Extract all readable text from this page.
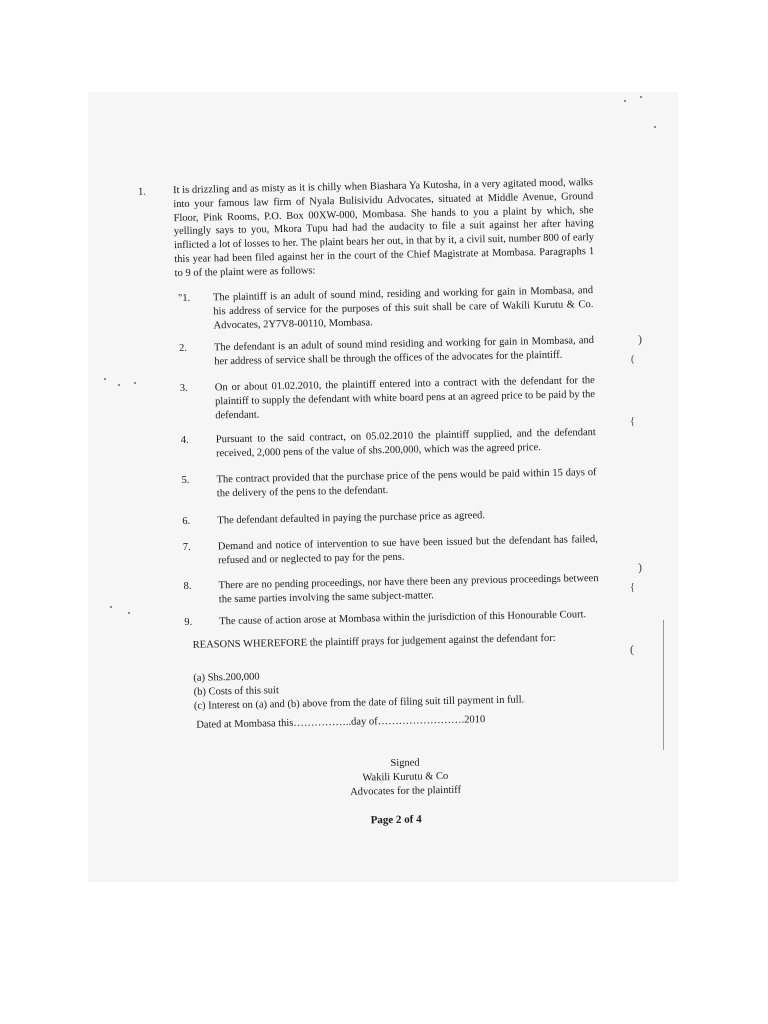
1.	It is drizzling and as misty as it is chilly when Biashara Ya Kutosha, in a very agitated mood, walks into your famous law firm of Nyala Bulisividu Advocates, situated at Middle Avenue, Ground Floor, Pink Rooms, P.O. Box 00XW-000, Mombasa. She hands to you a plaint by which, she yellingly says to you, Mkora Tupu had had the audacity to file a suit against her after having inflicted a lot of losses to her. The plaint bears her out, in that by it, a civil suit, number 800 of early this year had been filed against her in the court of the Chief Magistrate at Mombasa. Paragraphs 1 to 9 of the plaint were as follows:
"1.	The plaintiff is an adult of sound mind, residing and working for gain in Mombasa, and his address of service for the purposes of this suit shall be care of Wakili Kurutu & Co. Advocates, 2Y7V8-00110, Mombasa.
2.	The defendant is an adult of sound mind residing and working for gain in Mombasa, and her address of service shall be through the offices of the advocates for the plaintiff.
3.	On or about 01.02.2010, the plaintiff entered into a contract with the defendant for the plaintiff to supply the defendant with white board pens at an agreed price to be paid by the defendant.
4.	Pursuant to the said contract, on 05.02.2010 the plaintiff supplied, and the defendant received, 2,000 pens of the value of shs.200,000, which was the agreed price.
5.	The contract provided that the purchase price of the pens would be paid within 15 days of the delivery of the pens to the defendant.
6.	The defendant defaulted in paying the purchase price as agreed.
7.	Demand and notice of intervention to sue have been issued but the defendant has failed, refused and or neglected to pay for the pens.
8.	There are no pending proceedings, nor have there been any previous proceedings between the same parties involving the same subject-matter.
9.	The cause of action arose at Mombasa within the jurisdiction of this Honourable Court.
REASONS WHEREFORE the plaintiff prays for judgement against the defendant for:
(a) Shs.200,000
(b) Costs of this suit
(c) Interest on (a) and (b) above from the date of filing suit till payment in full.
Dated at Mombasa this……………..day of…………………….2010
Signed
Wakili Kurutu & Co
Advocates for the plaintiff
Page 2 of 4
)
(
{
)
{
(
